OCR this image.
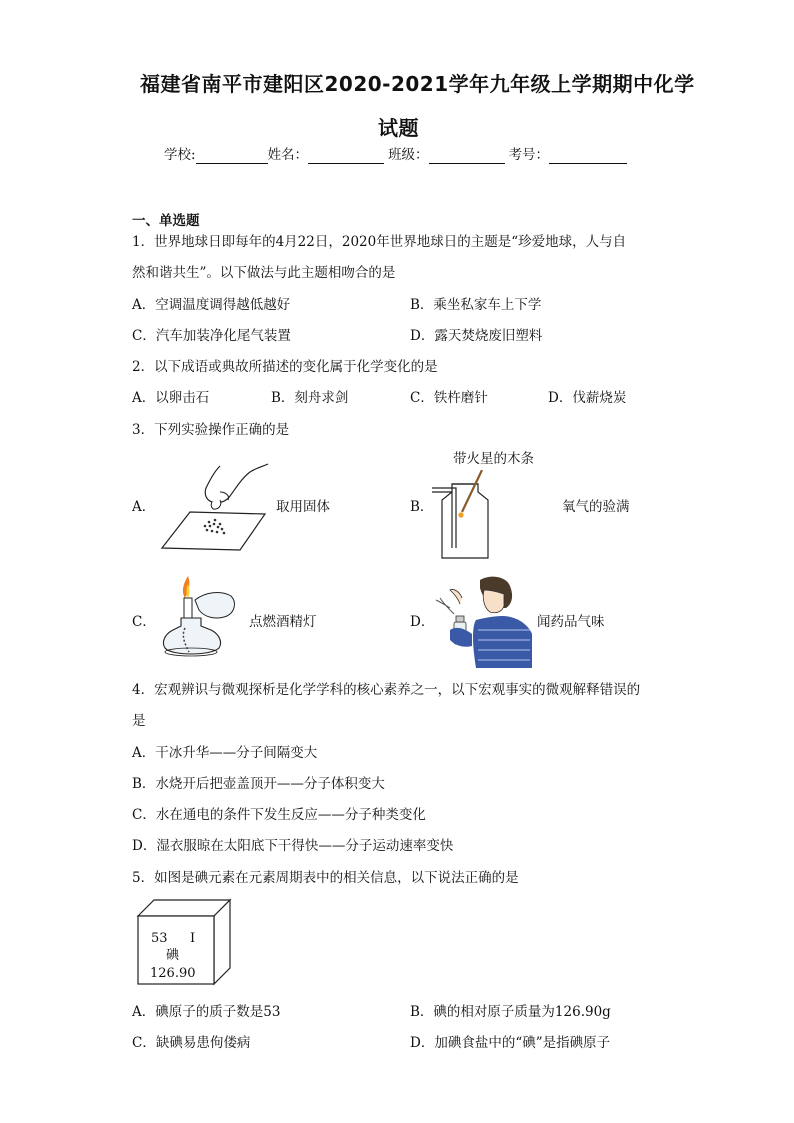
福建省南平市建阳区2020-2021学年九年级上学期期中化学
试题
学校:	姓名：	班级：	考号：
一、单选题
1．世界地球日即每年的4月22日，2020年世界地球日的主题是“珍爱地球，人与自
然和谐共生”。以下做法与此主题相吻合的是
A．空调温度调得越低越好	B．乘坐私家车上下学
C．汽车加装净化尾气装置	D．露天焚烧废旧塑料
2．以下成语或典故所描述的变化属于化学变化的是
A．以卵击石	B．刻舟求剑	C．铁杵磨针	D．伐薪烧炭
3．下列实验操作正确的是
A．	取用固体
带火星的木条
B．	氧气的验满
C．	点燃酒精灯	D．	闻药品气味
4．宏观辨识与微观探析是化学学科的核心素养之一，以下宏观事实的微观解释错误的
是
A．干冰升华——分子间隔变大
B．水烧开后把壶盖顶开——分子体积变大
C．水在通电的条件下发生反应——分子种类变化
D．湿衣服晾在太阳底下干得快——分子运动速率变快
5．如图是碘元素在元素周期表中的相关信息，以下说法正确的是
53 I
碘
126.90
A．碘原子的质子数是53	B．碘的相对原子质量为126.90g
C．缺碘易患佝偻病	D．加碘食盐中的“碘”是指碘原子
